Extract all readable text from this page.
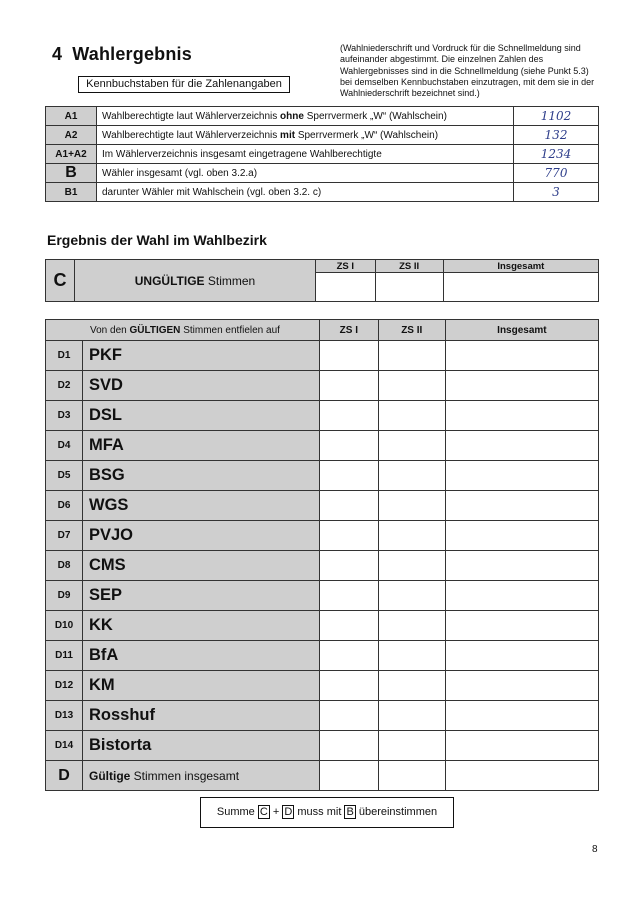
4 Wahlergebnis
Kennbuchstaben für die Zahlenangaben
(Wahlniederschrift und Vordruck für die Schnellmeldung sind aufeinander abgestimmt. Die einzelnen Zahlen des Wahlergebnisses sind in die Schnellmeldung (siehe Punkt 5.3) bei demselben Kennbuchstaben einzutragen, mit dem sie in der Wahlniederschrift bezeichnet sind.)
A1	Wahlberechtigte laut Wählerverzeichnis ohne Sperrvermerk „W“ (Wahlschein)	1102
A2	Wahlberechtigte laut Wählerverzeichnis mit Sperrvermerk „W“ (Wahlschein)	132
A1+A2	Im Wählerverzeichnis insgesamt eingetragene Wahlberechtigte	1234
B	Wähler insgesamt (vgl. oben 3.2.a)	770
B1	darunter Wähler mit Wahlschein (vgl. oben 3.2. c)	3
Ergebnis der Wahl im Wahlbezirk
C	UNGÜLTIGE Stimmen	ZS I	ZS II	Insgesamt

Von den GÜLTIGEN Stimmen entfielen auf		ZS I	ZS II	Insgesamt
D1	PKF			
D2	SVD			
D3	DSL			
D4	MFA			
D5	BSG			
D6	WGS			
D7	PVJO			
D8	CMS			
D9	SEP			
D10	KK			
D11	BfA			
D12	KM			
D13	Rosshuf			
D14	Bistorta			
D	Gültige Stimmen insgesamt			
Summe C + D muss mit B übereinstimmen
8
